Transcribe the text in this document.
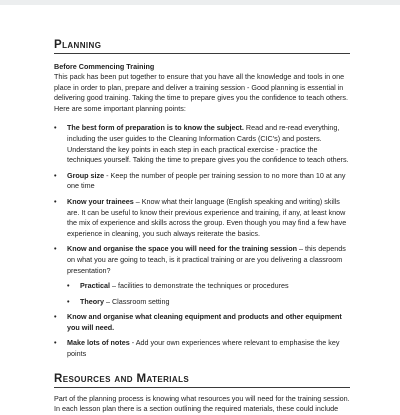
Planning

Before Commencing Training

This pack has been put together to ensure that you have all the knowledge and tools in one place in order to plan, prepare and deliver a training session - Good planning is essential in delivering good training. Taking the time to prepare gives you the confidence to teach others. Here are some important planning points:

• The best form of preparation is to know the subject. Read and re-read everything, including the user guides to the Cleaning Information Cards (CIC's) and posters. Understand the key points in each step in each practical exercise - practice the techniques yourself. Taking the time to prepare gives you the confidence to teach others.
• Group size - Keep the number of people per training session to no more than 10 at any one time
• Know your trainees – Know what their language (English speaking and writing) skills are. It can be useful to know their previous experience and training, if any, at least know the mix of experience and skills across the group. Even though you may find a few have experience in cleaning, you such always reiterate the basics.
• Know and organise the space you will need for the training session – this depends on what you are going to teach, is it practical training or are you delivering a classroom presentation?
• Practical – facilities to demonstrate the techniques or procedures
• Theory – Classroom setting
• Know and organise what cleaning equipment and products and other equipment you will need.
• Make lots of notes - Add your own experiences where relevant to emphasise the key points
Resources and Materials

Part of the planning process is knowing what resources you will need for the training session. In each lesson plan there is a section outlining the required materials, these could include
